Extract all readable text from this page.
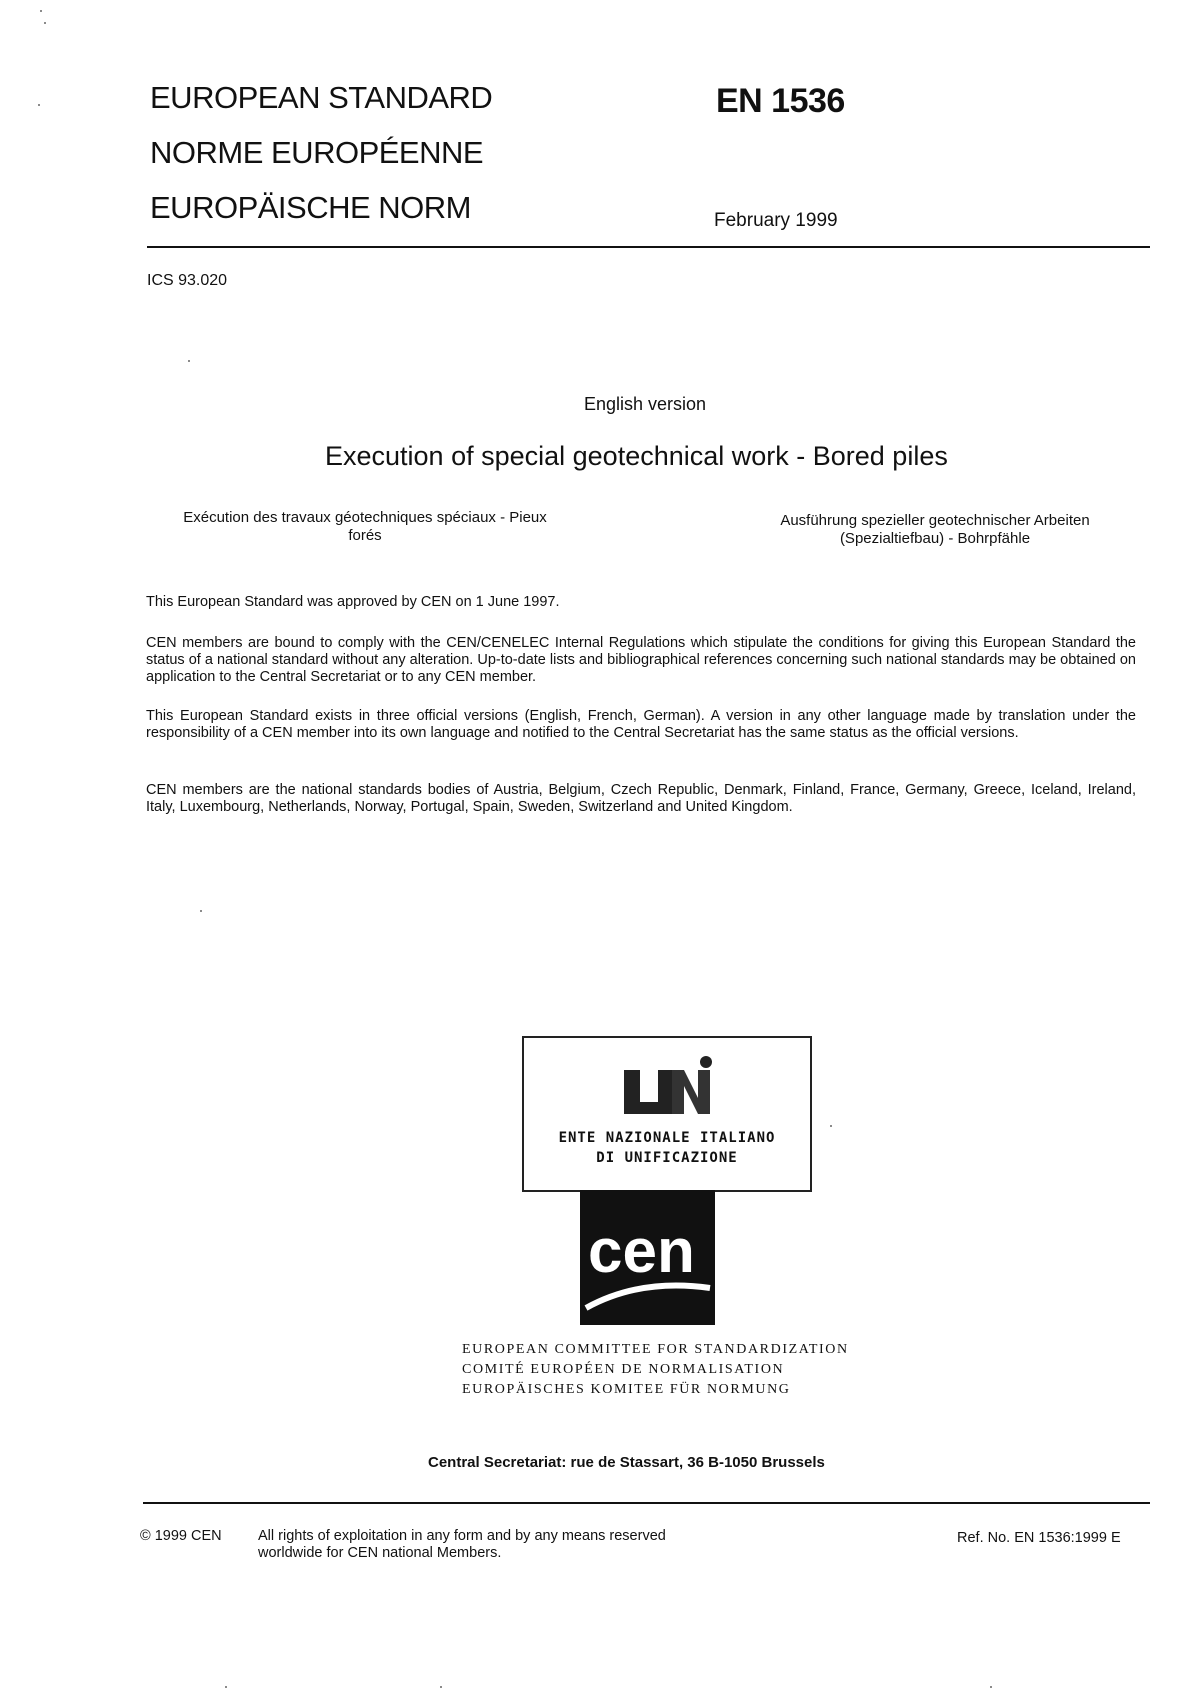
EUROPEAN STANDARD
NORME EUROPÉENNE
EUROPÄISCHE NORM
EN 1536
February 1999
ICS 93.020
English version
Execution of special geotechnical work - Bored piles
Exécution des travaux géotechniques spéciaux - Pieux
forés
Ausführung spezieller geotechnischer Arbeiten
(Spezialtiefbau) - Bohrpfähle
This European Standard was approved by CEN on 1 June 1997.
CEN members are bound to comply with the CEN/CENELEC Internal Regulations which stipulate the conditions for giving this European Standard the status of a national standard without any alteration. Up-to-date lists and bibliographical references concerning such national standards may be obtained on application to the Central Secretariat or to any CEN member.
This European Standard exists in three official versions (English, French, German). A version in any other language made by translation under the responsibility of a CEN member into its own language and notified to the Central Secretariat has the same status as the official versions.
CEN members are the national standards bodies of Austria, Belgium, Czech Republic, Denmark, Finland, France, Germany, Greece, Iceland, Ireland, Italy, Luxembourg, Netherlands, Norway, Portugal, Spain, Sweden, Switzerland and United Kingdom.
UNI
ENTE NAZIONALE ITALIANO
DI UNIFICAZIONE
cen
EUROPEAN COMMITTEE FOR STANDARDIZATION
COMITÉ EUROPÉEN DE NORMALISATION
EUROPÄISCHES KOMITEE FÜR NORMUNG
Central Secretariat: rue de Stassart, 36 B-1050 Brussels
© 1999 CEN	All rights of exploitation in any form and by any means reserved
worldwide for CEN national Members.
Ref. No. EN 1536:1999 E
